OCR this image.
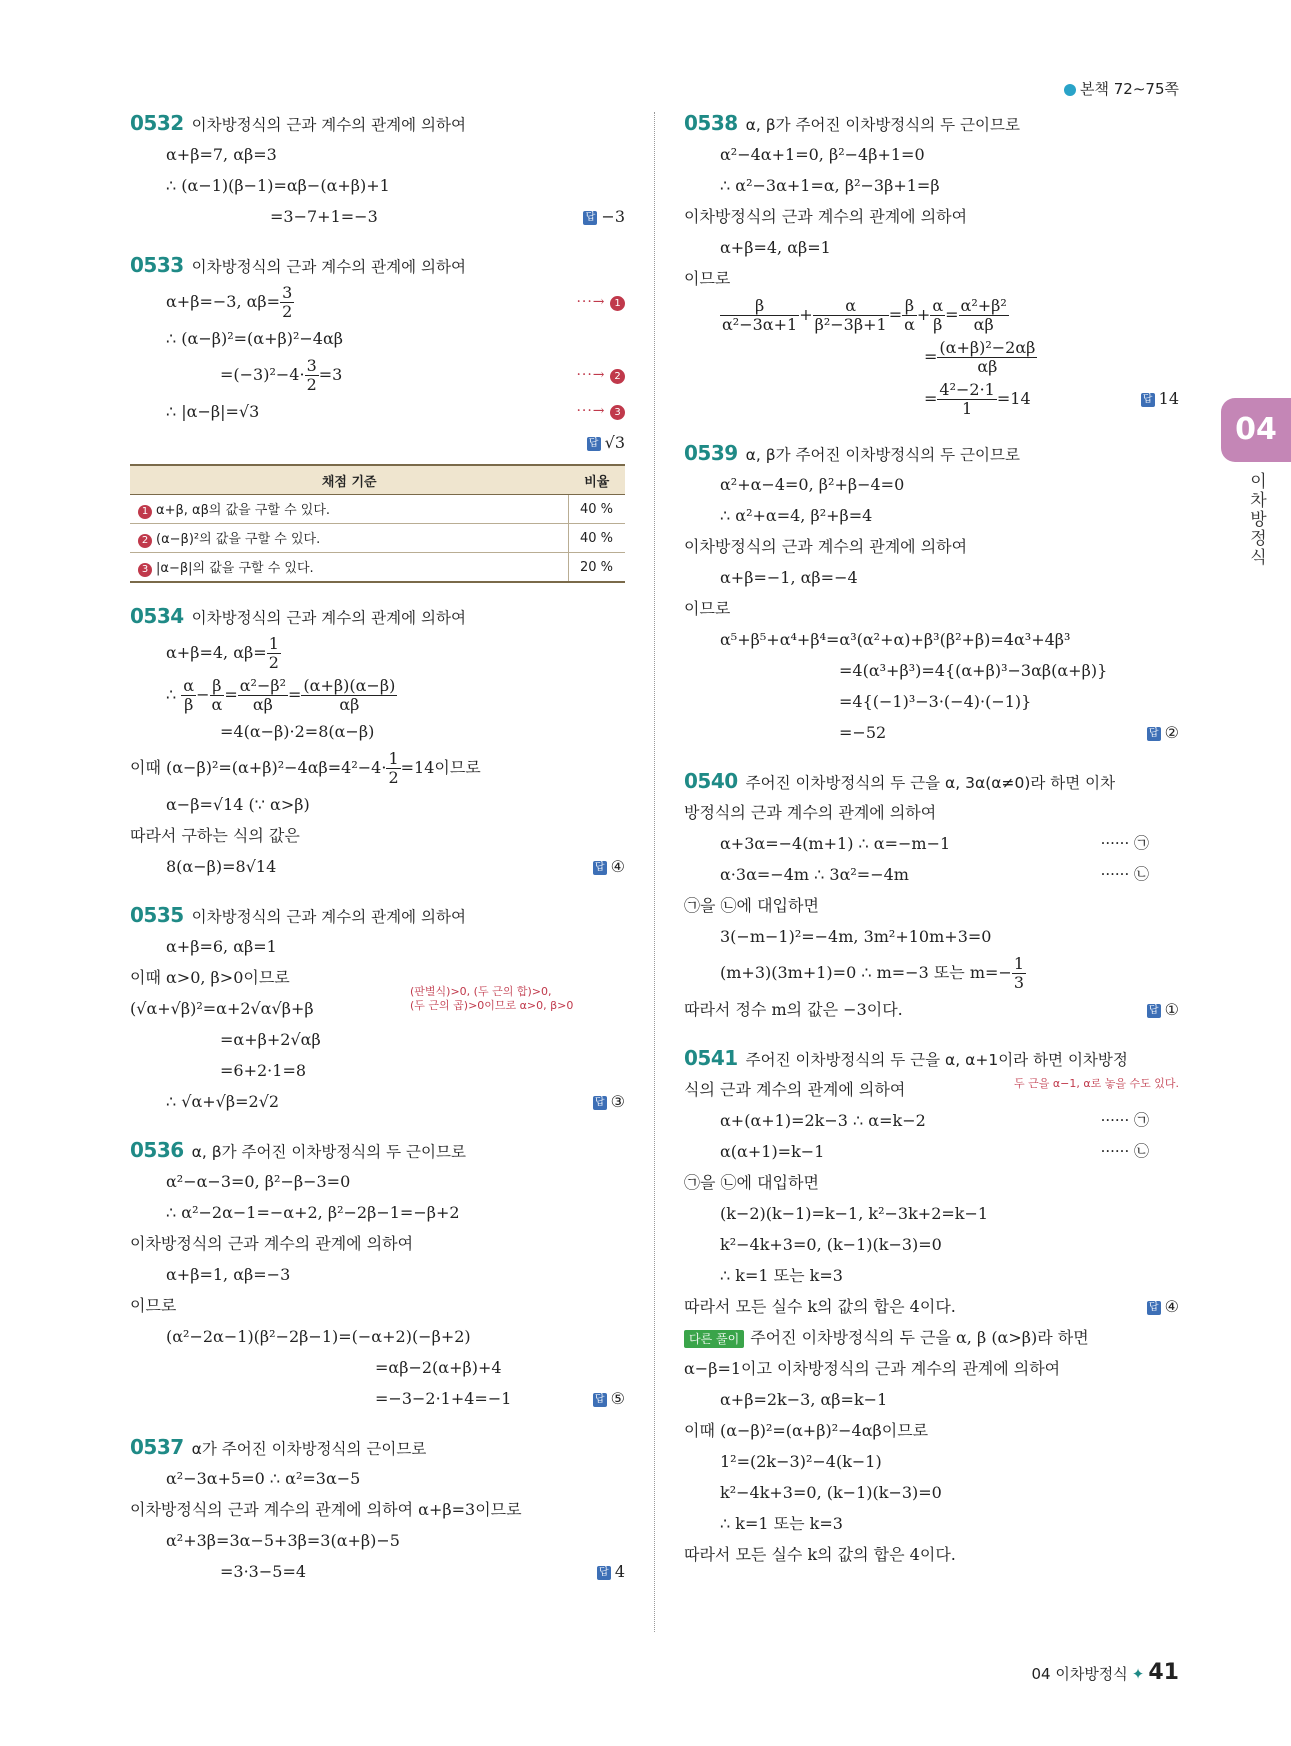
본책 72∼75쪽
04
이차방정식
0532 이차방정식의 근과 계수의 관계에 의하여
α+β=7, αβ=3
∴ (α−1)(β−1)=αβ−(α+β)+1
=3−7+1=−3	답 −3
0533 이차방정식의 근과 계수의 관계에 의하여
α+β=−3, $\alpha\beta= \frac{3}{2}$	···→ 1
∴ (α−β)²=(α+β)²−4αβ
$=(-3)^2-4\cdot \frac{3}{2} =3$	···→ 2
∴ |α−β|=√3	···→ 3
답 √3
채점 기준	비율
1 α+β, αβ의 값을 구할 수 있다.	40 %
2 (α−β)²의 값을 구할 수 있다.	40 %
3 |α−β|의 값을 구할 수 있다.	20 %
0534 이차방정식의 근과 계수의 관계에 의하여
α+β=4, $\alpha\beta= \frac{1}{2}$
∴ $\frac{\alpha}{\beta} - \frac{\beta}{\alpha} = \frac{\text{α²−β²}}{\alpha\beta} = \frac{(\alpha+\beta)(\alpha-\beta)}{\alpha\beta}$
=4(α−β)·2=8(α−β)
이때 $(\alpha-\beta)^2=(\alpha+\beta)^2-4\alpha\beta=4^2-4\cdot \frac{1}{2} =14$이므로
α−β=√14 (∵ α>β)
따라서 구하는 식의 값은
8(α−β)=8√14	답 ④
0535 이차방정식의 근과 계수의 관계에 의하여
α+β=6, αβ=1
이때 α>0, β>0이므로
(√α+√β)²=α+2√α√β+β
(판별식)>0, (두 근의 합)>0,
(두 근의 곱)>0이므로 α>0, β>0
=α+β+2√αβ
=6+2·1=8
∴ √α+√β=2√2	답 ③
0536 α, β가 주어진 이차방정식의 두 근이므로
α²−α−3=0, β²−β−3=0
∴ α²−2α−1=−α+2, β²−2β−1=−β+2
이차방정식의 근과 계수의 관계에 의하여
α+β=1, αβ=−3
이므로
(α²−2α−1)(β²−2β−1)=(−α+2)(−β+2)
=αβ−2(α+β)+4
=−3−2·1+4=−1	답 ⑤
0537 α가 주어진 이차방정식의 근이므로
α²−3α+5=0 ∴ α²=3α−5
이차방정식의 근과 계수의 관계에 의하여 α+β=3이므로
α²+3β=3α−5+3β=3(α+β)−5
=3·3−5=4	답 4
0538 α, β가 주어진 이차방정식의 두 근이므로
α²−4α+1=0, β²−4β+1=0
∴ α²−3α+1=α, β²−3β+1=β
이차방정식의 근과 계수의 관계에 의하여
α+β=4, αβ=1
이므로
$\frac{\beta}{\text{α²−3α+1}} + \frac{\alpha}{\text{β²−3β+1}} = \frac{\beta}{\alpha} + \frac{\alpha}{\beta} = \frac{\text{α²+β²}}{\alpha\beta}$
= $\frac{\text{(α+β)²−2αβ}}{\alpha\beta}$
= $\frac{\text{4²−2·1}}{1} =14$	답 14
0539 α, β가 주어진 이차방정식의 두 근이므로
α²+α−4=0, β²+β−4=0
∴ α²+α=4, β²+β=4
이차방정식의 근과 계수의 관계에 의하여
α+β=−1, αβ=−4
이므로
α⁵+β⁵+α⁴+β⁴=α³(α²+α)+β³(β²+β)=4α³+4β³
=4(α³+β³)=4{(α+β)³−3αβ(α+β)}
=4{(−1)³−3·(−4)·(−1)}
=−52	답 ②
0540 주어진 이차방정식의 두 근을 α, 3α(α≠0)라 하면 이차
방정식의 근과 계수의 관계에 의하여
α+3α=−4(m+1) ∴ α=−m−1	······ ㉠
α·3α=−4m ∴ 3α²=−4m	······ ㉡
㉠을 ㉡에 대입하면
3(−m−1)²=−4m, 3m²+10m+3=0
(m+3)(3m+1)=0 ∴ m=−3 또는 $m=- \frac{1}{3}$
따라서 정수 m의 값은 −3이다.	답 ①
0541 주어진 이차방정식의 두 근을 α, α+1이라 하면 이차방정
식의 근과 계수의 관계에 의하여	두 근을 α−1, α로 놓을 수도 있다.
α+(α+1)=2k−3 ∴ α=k−2	······ ㉠
α(α+1)=k−1	······ ㉡
㉠을 ㉡에 대입하면
(k−2)(k−1)=k−1, k²−3k+2=k−1
k²−4k+3=0, (k−1)(k−3)=0
∴ k=1 또는 k=3
따라서 모든 실수 k의 값의 합은 4이다.	답 ④
다른 풀이 주어진 이차방정식의 두 근을 α, β (α>β)라 하면
α−β=1이고 이차방정식의 근과 계수의 관계에 의하여
α+β=2k−3, αβ=k−1
이때 (α−β)²=(α+β)²−4αβ이므로
1²=(2k−3)²−4(k−1)
k²−4k+3=0, (k−1)(k−3)=0
∴ k=1 또는 k=3
따라서 모든 실수 k의 값의 합은 4이다.
04 이차방정식 ✦ 41
